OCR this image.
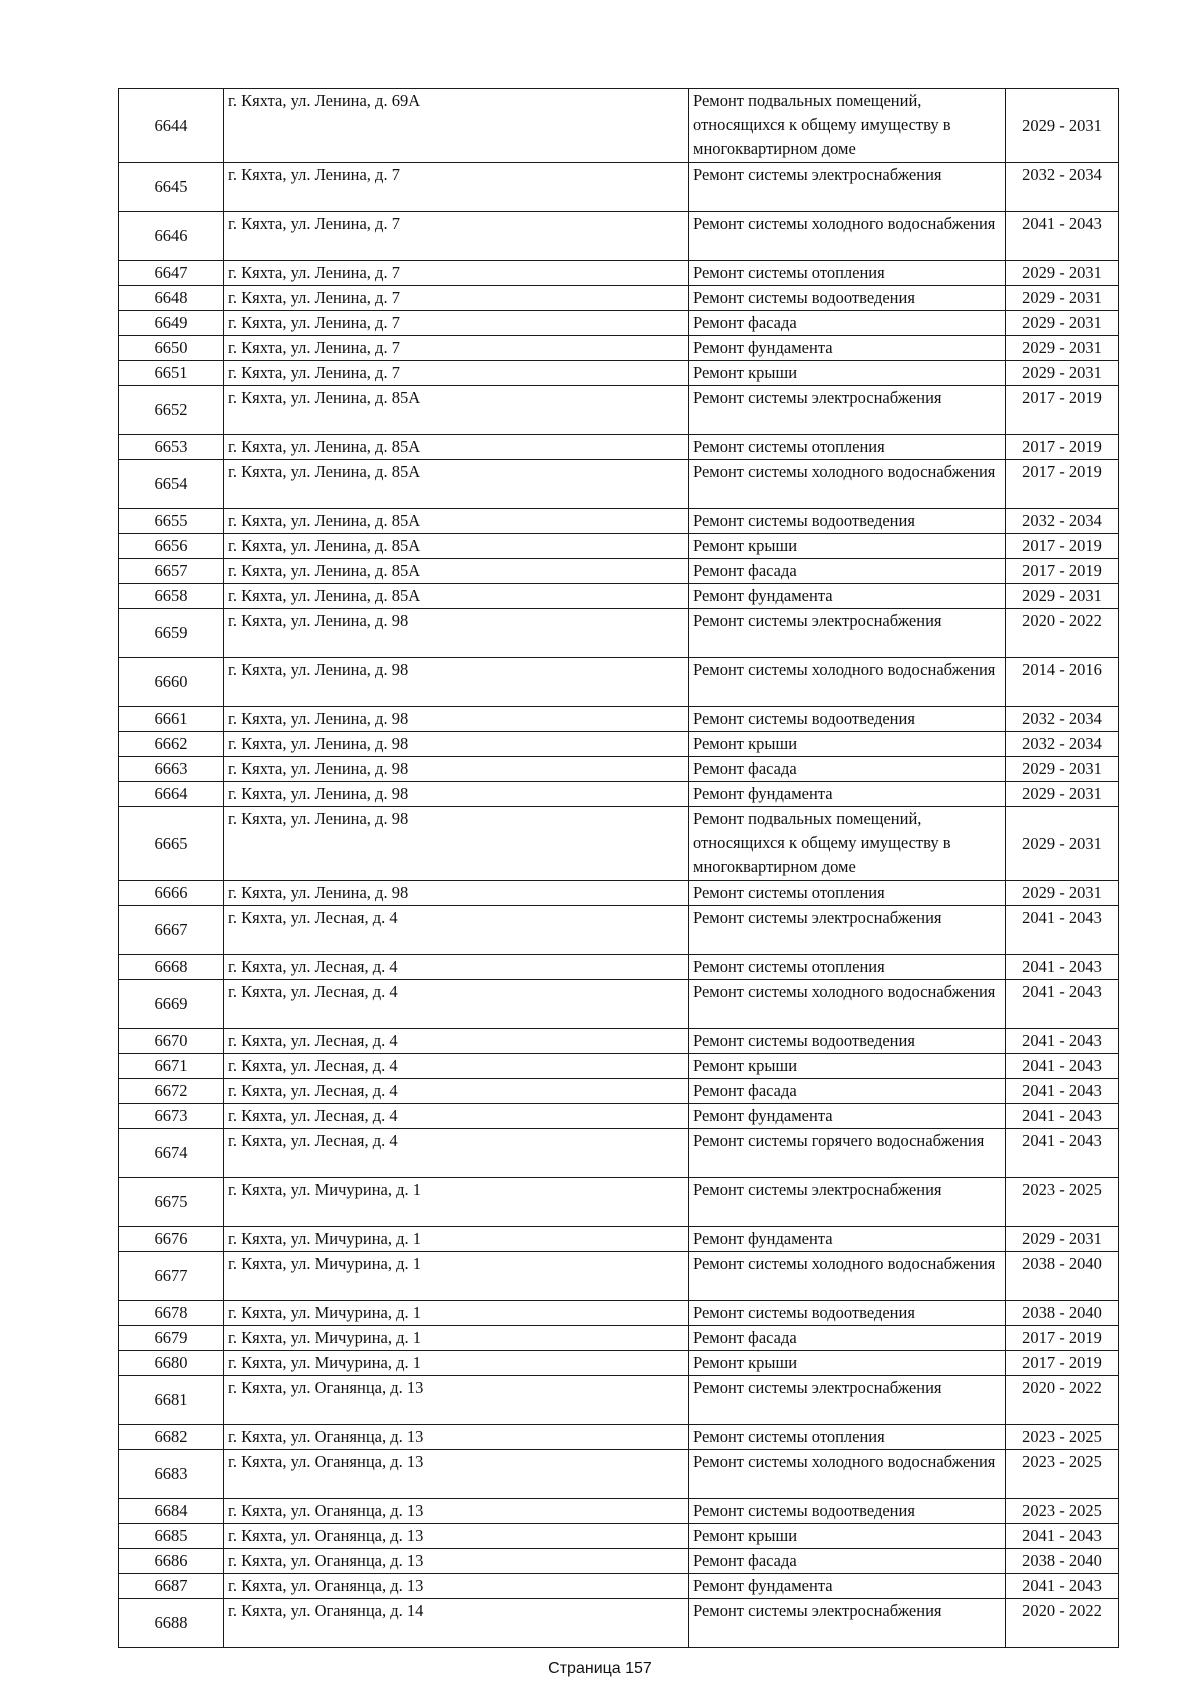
6644	г. Кяхта, ул. Ленина, д. 69А	Ремонт подвальных помещений, относящихся к общему имуществу в многоквартирном доме	2029 - 2031
6645	г. Кяхта, ул. Ленина, д. 7	Ремонт системы электроснабжения	2032 - 2034
6646	г. Кяхта, ул. Ленина, д. 7	Ремонт системы холодного водоснабжения	2041 - 2043
6647	г. Кяхта, ул. Ленина, д. 7	Ремонт системы отопления	2029 - 2031
6648	г. Кяхта, ул. Ленина, д. 7	Ремонт системы водоотведения	2029 - 2031
6649	г. Кяхта, ул. Ленина, д. 7	Ремонт фасада	2029 - 2031
6650	г. Кяхта, ул. Ленина, д. 7	Ремонт фундамента	2029 - 2031
6651	г. Кяхта, ул. Ленина, д. 7	Ремонт крыши	2029 - 2031
6652	г. Кяхта, ул. Ленина, д. 85А	Ремонт системы электроснабжения	2017 - 2019
6653	г. Кяхта, ул. Ленина, д. 85А	Ремонт системы отопления	2017 - 2019
6654	г. Кяхта, ул. Ленина, д. 85А	Ремонт системы холодного водоснабжения	2017 - 2019
6655	г. Кяхта, ул. Ленина, д. 85А	Ремонт системы водоотведения	2032 - 2034
6656	г. Кяхта, ул. Ленина, д. 85А	Ремонт крыши	2017 - 2019
6657	г. Кяхта, ул. Ленина, д. 85А	Ремонт фасада	2017 - 2019
6658	г. Кяхта, ул. Ленина, д. 85А	Ремонт фундамента	2029 - 2031
6659	г. Кяхта, ул. Ленина, д. 98	Ремонт системы электроснабжения	2020 - 2022
6660	г. Кяхта, ул. Ленина, д. 98	Ремонт системы холодного водоснабжения	2014 - 2016
6661	г. Кяхта, ул. Ленина, д. 98	Ремонт системы водоотведения	2032 - 2034
6662	г. Кяхта, ул. Ленина, д. 98	Ремонт крыши	2032 - 2034
6663	г. Кяхта, ул. Ленина, д. 98	Ремонт фасада	2029 - 2031
6664	г. Кяхта, ул. Ленина, д. 98	Ремонт фундамента	2029 - 2031
6665	г. Кяхта, ул. Ленина, д. 98	Ремонт подвальных помещений, относящихся к общему имуществу в многоквартирном доме	2029 - 2031
6666	г. Кяхта, ул. Ленина, д. 98	Ремонт системы отопления	2029 - 2031
6667	г. Кяхта, ул. Лесная, д. 4	Ремонт системы электроснабжения	2041 - 2043
6668	г. Кяхта, ул. Лесная, д. 4	Ремонт системы отопления	2041 - 2043
6669	г. Кяхта, ул. Лесная, д. 4	Ремонт системы холодного водоснабжения	2041 - 2043
6670	г. Кяхта, ул. Лесная, д. 4	Ремонт системы водоотведения	2041 - 2043
6671	г. Кяхта, ул. Лесная, д. 4	Ремонт крыши	2041 - 2043
6672	г. Кяхта, ул. Лесная, д. 4	Ремонт фасада	2041 - 2043
6673	г. Кяхта, ул. Лесная, д. 4	Ремонт фундамента	2041 - 2043
6674	г. Кяхта, ул. Лесная, д. 4	Ремонт системы горячего водоснабжения	2041 - 2043
6675	г. Кяхта, ул. Мичурина, д. 1	Ремонт системы электроснабжения	2023 - 2025
6676	г. Кяхта, ул. Мичурина, д. 1	Ремонт фундамента	2029 - 2031
6677	г. Кяхта, ул. Мичурина, д. 1	Ремонт системы холодного водоснабжения	2038 - 2040
6678	г. Кяхта, ул. Мичурина, д. 1	Ремонт системы водоотведения	2038 - 2040
6679	г. Кяхта, ул. Мичурина, д. 1	Ремонт фасада	2017 - 2019
6680	г. Кяхта, ул. Мичурина, д. 1	Ремонт крыши	2017 - 2019
6681	г. Кяхта, ул. Оганянца, д. 13	Ремонт системы электроснабжения	2020 - 2022
6682	г. Кяхта, ул. Оганянца, д. 13	Ремонт системы отопления	2023 - 2025
6683	г. Кяхта, ул. Оганянца, д. 13	Ремонт системы холодного водоснабжения	2023 - 2025
6684	г. Кяхта, ул. Оганянца, д. 13	Ремонт системы водоотведения	2023 - 2025
6685	г. Кяхта, ул. Оганянца, д. 13	Ремонт крыши	2041 - 2043
6686	г. Кяхта, ул. Оганянца, д. 13	Ремонт фасада	2038 - 2040
6687	г. Кяхта, ул. Оганянца, д. 13	Ремонт фундамента	2041 - 2043
6688	г. Кяхта, ул. Оганянца, д. 14	Ремонт системы электроснабжения	2020 - 2022
Страница 157
